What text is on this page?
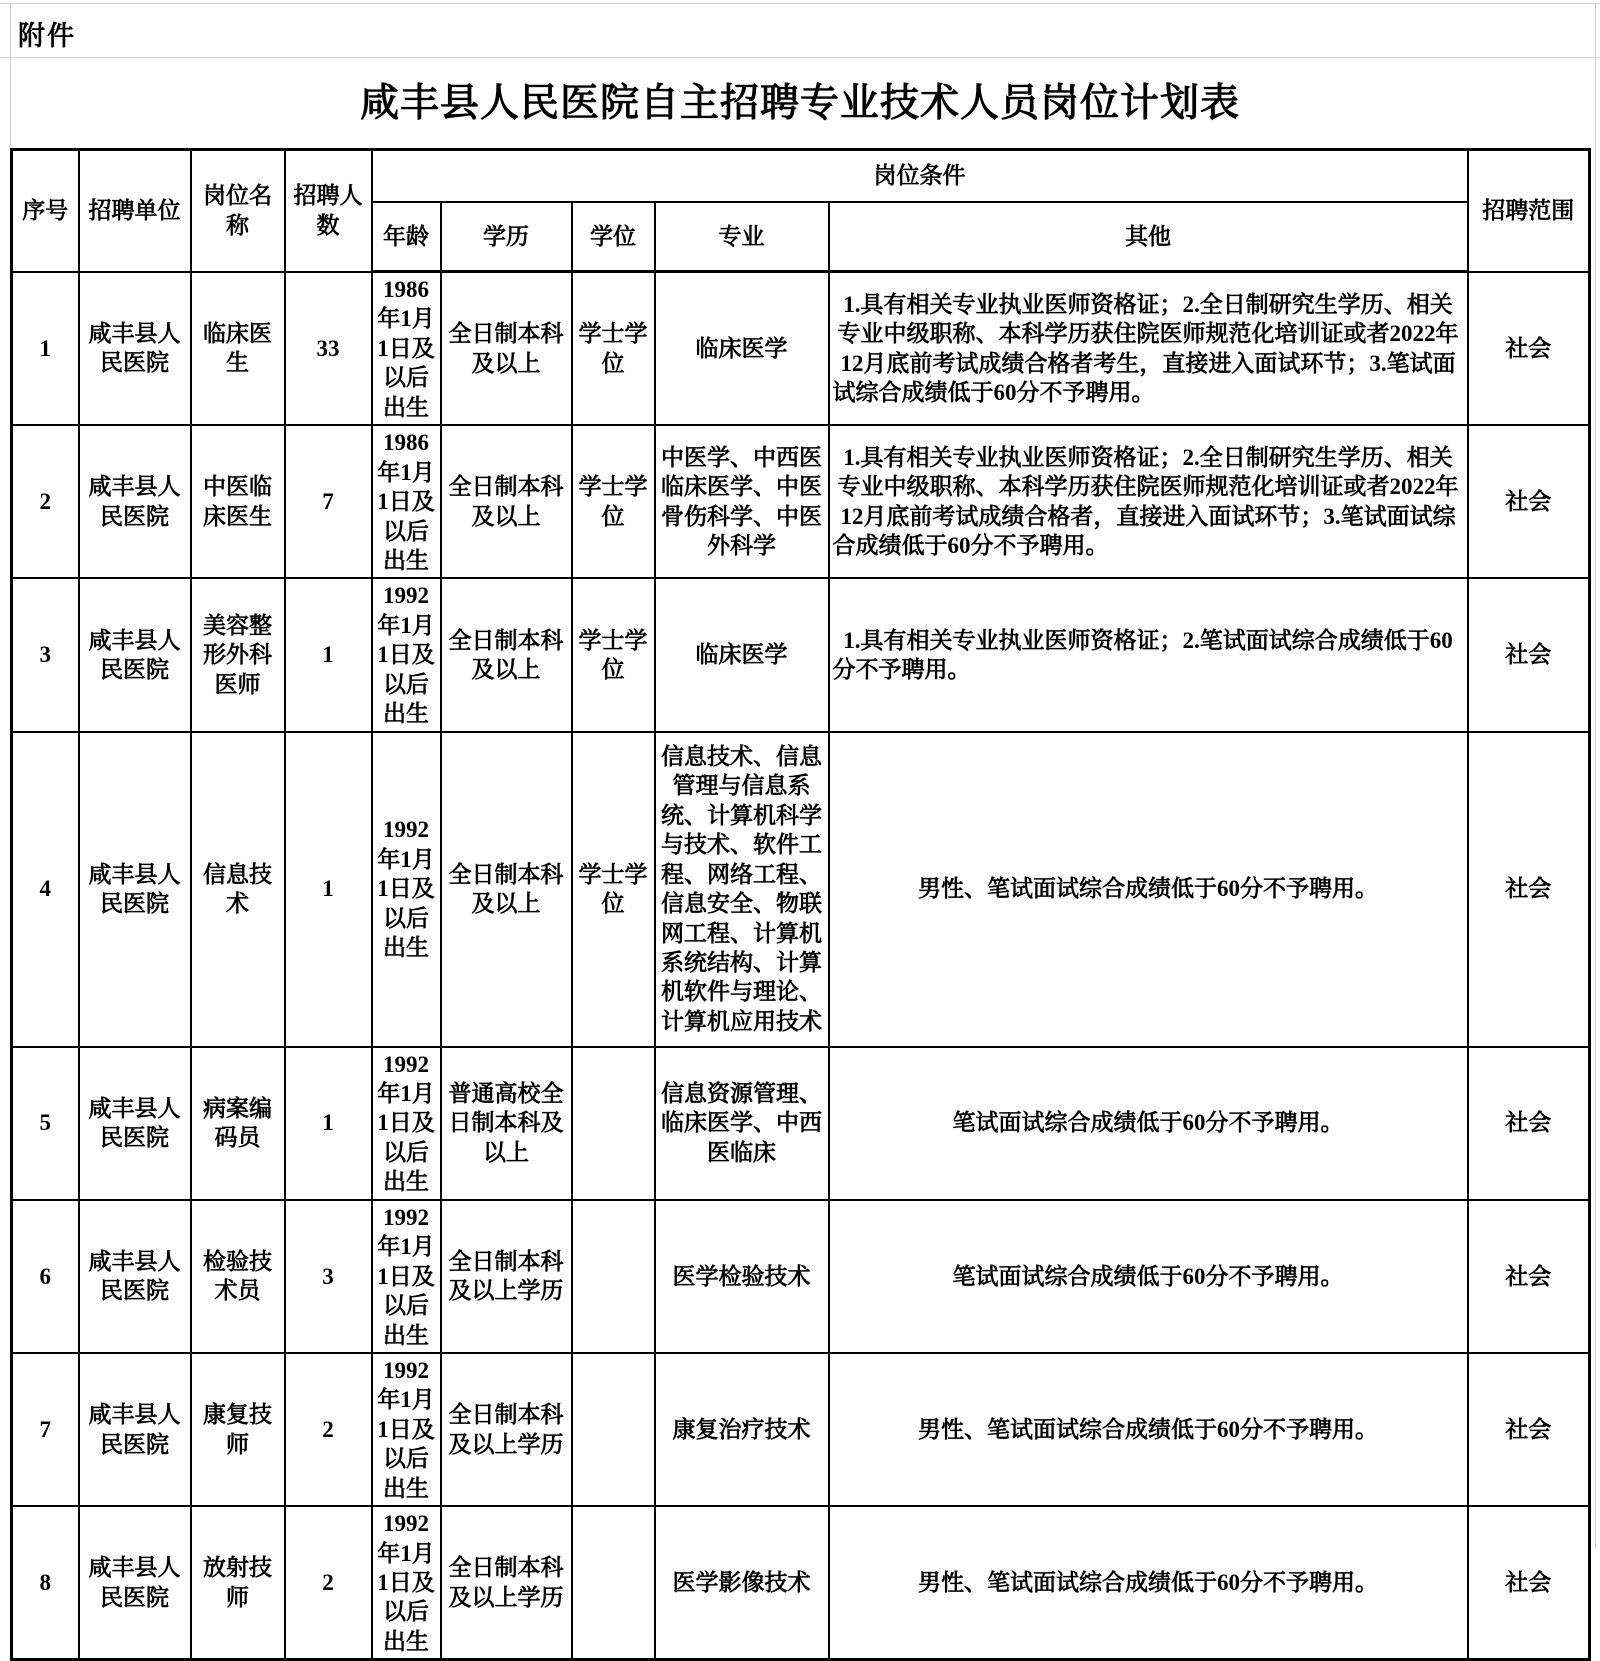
附件
咸丰县人民医院自主招聘专业技术人员岗位计划表
序号	招聘单位	岗位名称	招聘人数	岗位条件					招聘范围
				年龄	学历	学位	专业	其他	
1	咸丰县人民医院	临床医生	33	1986年1月1日及以后出生	全日制本科及以上	学士学位	临床医学	1.具有相关专业执业医师资格证；2.全日制研究生学历、相关专业中级职称、本科学历获住院医师规范化培训证或者2022年12月底前考试成绩合格者考生，直接进入面试环节；3.笔试面试综合成绩低于60分不予聘用。	社会
2	咸丰县人民医院	中医临床医生	7	1986年1月1日及以后出生	全日制本科及以上	学士学位	中医学、中西医临床医学、中医骨伤科学、中医外科学	1.具有相关专业执业医师资格证；2.全日制研究生学历、相关专业中级职称、本科学历获住院医师规范化培训证或者2022年12月底前考试成绩合格者，直接进入面试环节；3.笔试面试综合成绩低于60分不予聘用。	社会
3	咸丰县人民医院	美容整形外科医师	1	1992年1月1日及以后出生	全日制本科及以上	学士学位	临床医学	1.具有相关专业执业医师资格证；2.笔试面试综合成绩低于60分不予聘用。	社会
4	咸丰县人民医院	信息技术	1	1992年1月1日及以后出生	全日制本科及以上	学士学位	信息技术、信息管理与信息系统、计算机科学与技术、软件工程、网络工程、信息安全、物联网工程、计算机系统结构、计算机软件与理论、计算机应用技术	男性、笔试面试综合成绩低于60分不予聘用。	社会
5	咸丰县人民医院	病案编码员	1	1992年1月1日及以后出生	普通高校全日制本科及以上		信息资源管理、临床医学、中西医临床	笔试面试综合成绩低于60分不予聘用。	社会
6	咸丰县人民医院	检验技术员	3	1992年1月1日及以后出生	全日制本科及以上学历		医学检验技术	笔试面试综合成绩低于60分不予聘用。	社会
7	咸丰县人民医院	康复技师	2	1992年1月1日及以后出生	全日制本科及以上学历		康复治疗技术	男性、笔试面试综合成绩低于60分不予聘用。	社会
8	咸丰县人民医院	放射技师	2	1992年1月1日及以后出生	全日制本科及以上学历		医学影像技术	男性、笔试面试综合成绩低于60分不予聘用。	社会
